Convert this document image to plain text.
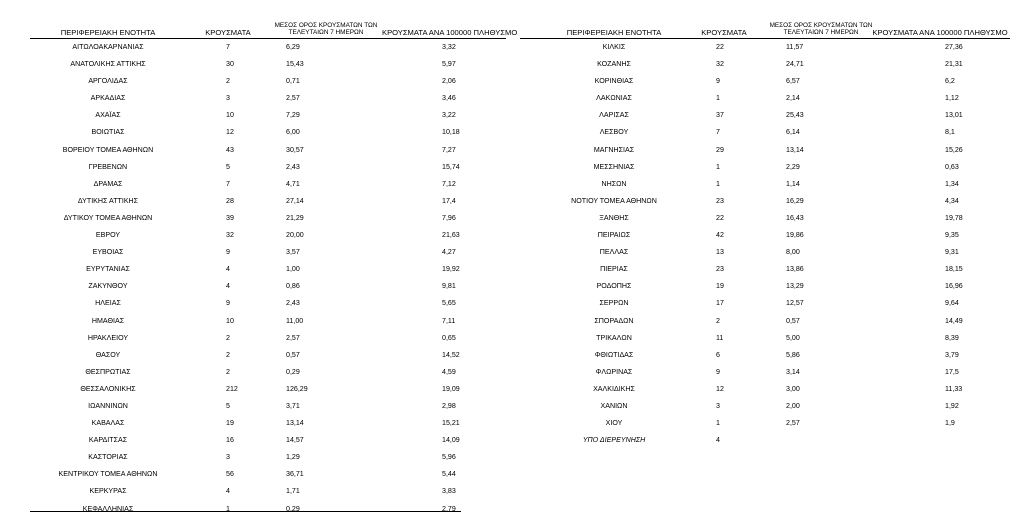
ΠΕΡΙΦΕΡΕΙΑΚΗ ΕΝΟΤΗΤΑ	ΚΡΟΥΣΜΑΤΑ
ΜΕΣΟΣ ΟΡΟΣ ΚΡΟΥΣΜΑΤΩΝ ΤΩΝ
ΤΕΛΕΥΤΑΙΩΝ 7 ΗΜΕΡΩΝ	ΚΡΟΥΣΜΑΤΑ ΑΝΑ 100000 ΠΛΗΘΥΣΜΟ
ΑΙΤΩΛΟΑΚΑΡΝΑΝΙΑΣ	7	6,29	3,32
ΑΝΑΤΟΛΙΚΗΣ ΑΤΤΙΚΗΣ	30	15,43	5,97
ΑΡΓΟΛΙΔΑΣ	2	0,71	2,06
ΑΡΚΑΔΙΑΣ	3	2,57	3,46
ΑΧΑΪΑΣ	10	7,29	3,22
ΒΟΙΩΤΙΑΣ	12	6,00	10,18
ΒΟΡΕΙΟΥ ΤΟΜΕΑ ΑΘΗΝΩΝ	43	30,57	7,27
ΓΡΕΒΕΝΩΝ	5	2,43	15,74
ΔΡΑΜΑΣ	7	4,71	7,12
ΔΥΤΙΚΗΣ ΑΤΤΙΚΗΣ	28	27,14	17,4
ΔΥΤΙΚΟΥ ΤΟΜΕΑ ΑΘΗΝΩΝ	39	21,29	7,96
ΕΒΡΟΥ	32	20,00	21,63
ΕΥΒΟΙΑΣ	9	3,57	4,27
ΕΥΡΥΤΑΝΙΑΣ	4	1,00	19,92
ΖΑΚΥΝΘΟΥ	4	0,86	9,81
ΗΛΕΙΑΣ	9	2,43	5,65
ΗΜΑΘΙΑΣ	10	11,00	7,11
ΗΡΑΚΛΕΙΟΥ	2	2,57	0,65
ΘΑΣΟΥ	2	0,57	14,52
ΘΕΣΠΡΩΤΙΑΣ	2	0,29	4,59
ΘΕΣΣΑΛΟΝΙΚΗΣ	212	126,29	19,09
ΙΩΑΝΝΙΝΩΝ	5	3,71	2,98
ΚΑΒΑΛΑΣ	19	13,14	15,21
ΚΑΡΔΙΤΣΑΣ	16	14,57	14,09
ΚΑΣΤΟΡΙΑΣ	3	1,29	5,96
ΚΕΝΤΡΙΚΟΥ ΤΟΜΕΑ ΑΘΗΝΩΝ	56	36,71	5,44
ΚΕΡΚΥΡΑΣ	4	1,71	3,83
ΚΕΦΑΛΛΗΝΙΑΣ	1	0,29	2,79
ΠΕΡΙΦΕΡΕΙΑΚΗ ΕΝΟΤΗΤΑ	ΚΡΟΥΣΜΑΤΑ
ΜΕΣΟΣ ΟΡΟΣ ΚΡΟΥΣΜΑΤΩΝ ΤΩΝ
ΤΕΛΕΥΤΑΙΩΝ 7 ΗΜΕΡΩΝ	ΚΡΟΥΣΜΑΤΑ ΑΝΑ 100000 ΠΛΗΘΥΣΜΟ
ΚΙΛΚΙΣ	22	11,57	27,36
ΚΟΖΑΝΗΣ	32	24,71	21,31
ΚΟΡΙΝΘΙΑΣ	9	6,57	6,2
ΛΑΚΩΝΙΑΣ	1	2,14	1,12
ΛΑΡΙΣΑΣ	37	25,43	13,01
ΛΕΣΒΟΥ	7	6,14	8,1
ΜΑΓΝΗΣΙΑΣ	29	13,14	15,26
ΜΕΣΣΗΝΙΑΣ	1	2,29	0,63
ΝΗΣΩΝ	1	1,14	1,34
ΝΟΤΙΟΥ ΤΟΜΕΑ ΑΘΗΝΩΝ	23	16,29	4,34
ΞΑΝΘΗΣ	22	16,43	19,78
ΠΕΙΡΑΙΩΣ	42	19,86	9,35
ΠΕΛΛΑΣ	13	8,00	9,31
ΠΙΕΡΙΑΣ	23	13,86	18,15
ΡΟΔΟΠΗΣ	19	13,29	16,96
ΣΕΡΡΩΝ	17	12,57	9,64
ΣΠΟΡΑΔΩΝ	2	0,57	14,49
ΤΡΙΚΑΛΩΝ	11	5,00	8,39
ΦΘΙΩΤΙΔΑΣ	6	5,86	3,79
ΦΛΩΡΙΝΑΣ	9	3,14	17,5
ΧΑΛΚΙΔΙΚΗΣ	12	3,00	11,33
ΧΑΝΙΩΝ	3	2,00	1,92
ΧΙΟΥ	1	2,57	1,9
ΥΠΟ ΔΙΕΡΕΥΝΗΣΗ	4
